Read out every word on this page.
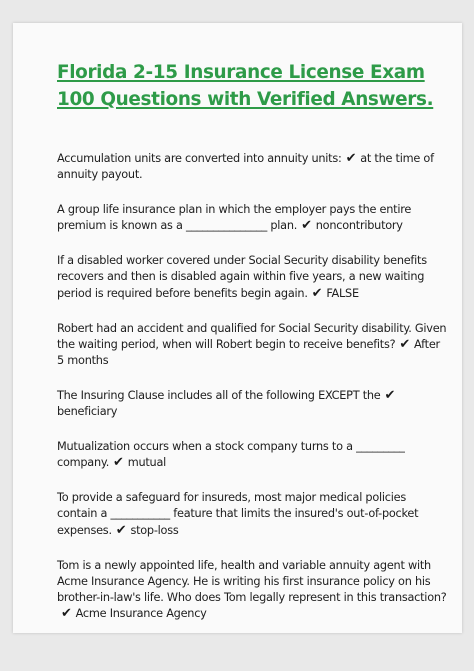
Florida 2-15 Insurance License Exam
100 Questions with Verified Answers.

Accumulation units are converted into annuity units: ✔ at the time of annuity payout.

A group life insurance plan in which the employer pays the entire premium is known as a _______________ plan. ✔ noncontributory

If a disabled worker covered under Social Security disability benefits recovers and then is disabled again within five years, a new waiting period is required before benefits begin again. ✔ FALSE

Robert had an accident and qualified for Social Security disability. Given the waiting period, when will Robert begin to receive benefits? ✔ After 5 months

The Insuring Clause includes all of the following EXCEPT the ✔beneficiary

Mutualization occurs when a stock company turns to a _________ company. ✔ mutual

To provide a safeguard for insureds, most major medical policies contain a ___________ feature that limits the insured's out-of-pocket expenses. ✔ stop-loss

Tom is a newly appointed life, health and variable annuity agent with Acme Insurance Agency. He is writing his first insurance policy on his brother-in-law's life. Who does Tom legally represent in this transaction?✔ Acme Insurance Agency
